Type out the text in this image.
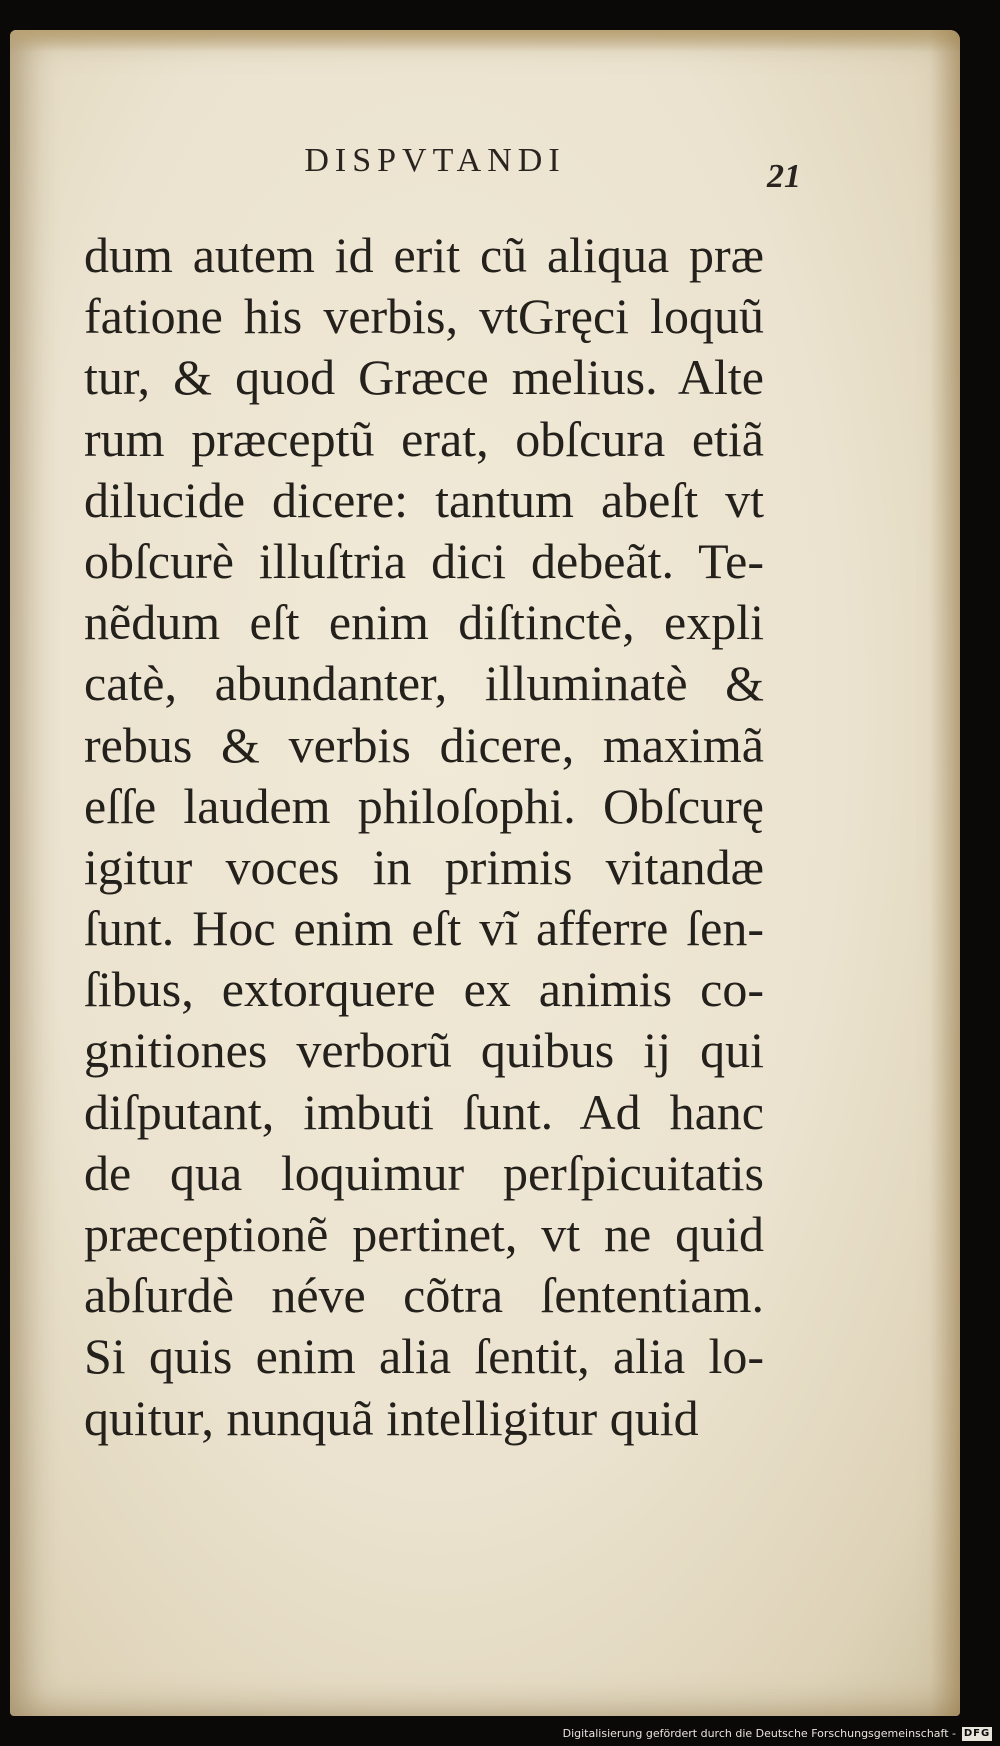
DISPVTANDI	21
dum autem id erit cũ aliqua præ
fatione his verbis, vtGręci loquũ
tur, & quod Græce melius. Alte
rum præceptũ erat, obſcura etiã
dilucide dicere: tantum abeſt vt
obſcurè illuſtria dici debeãt. Te-
nẽdum eſt enim diſtinctè, expli
catè, abundanter, illuminatè &
rebus & verbis dicere, maximã
eſſe laudem philoſophi. Obſcurę
igitur voces in primis vitandæ
ſunt. Hoc enim eſt vĩ afferre ſen-
ſibus, extorquere ex animis co-
gnitiones verborũ quibus ij qui
diſputant, imbuti ſunt. Ad hanc
de qua loquimur perſpicuitatis
præceptionẽ pertinet, vt ne quid
abſurdè néve cõtra ſententiam.
Si quis enim alia ſentit, alia lo-
quitur, nunquã intelligitur quid
Digitalisierung gefördert durch die Deutsche Forschungsgemeinschaft - DFG
